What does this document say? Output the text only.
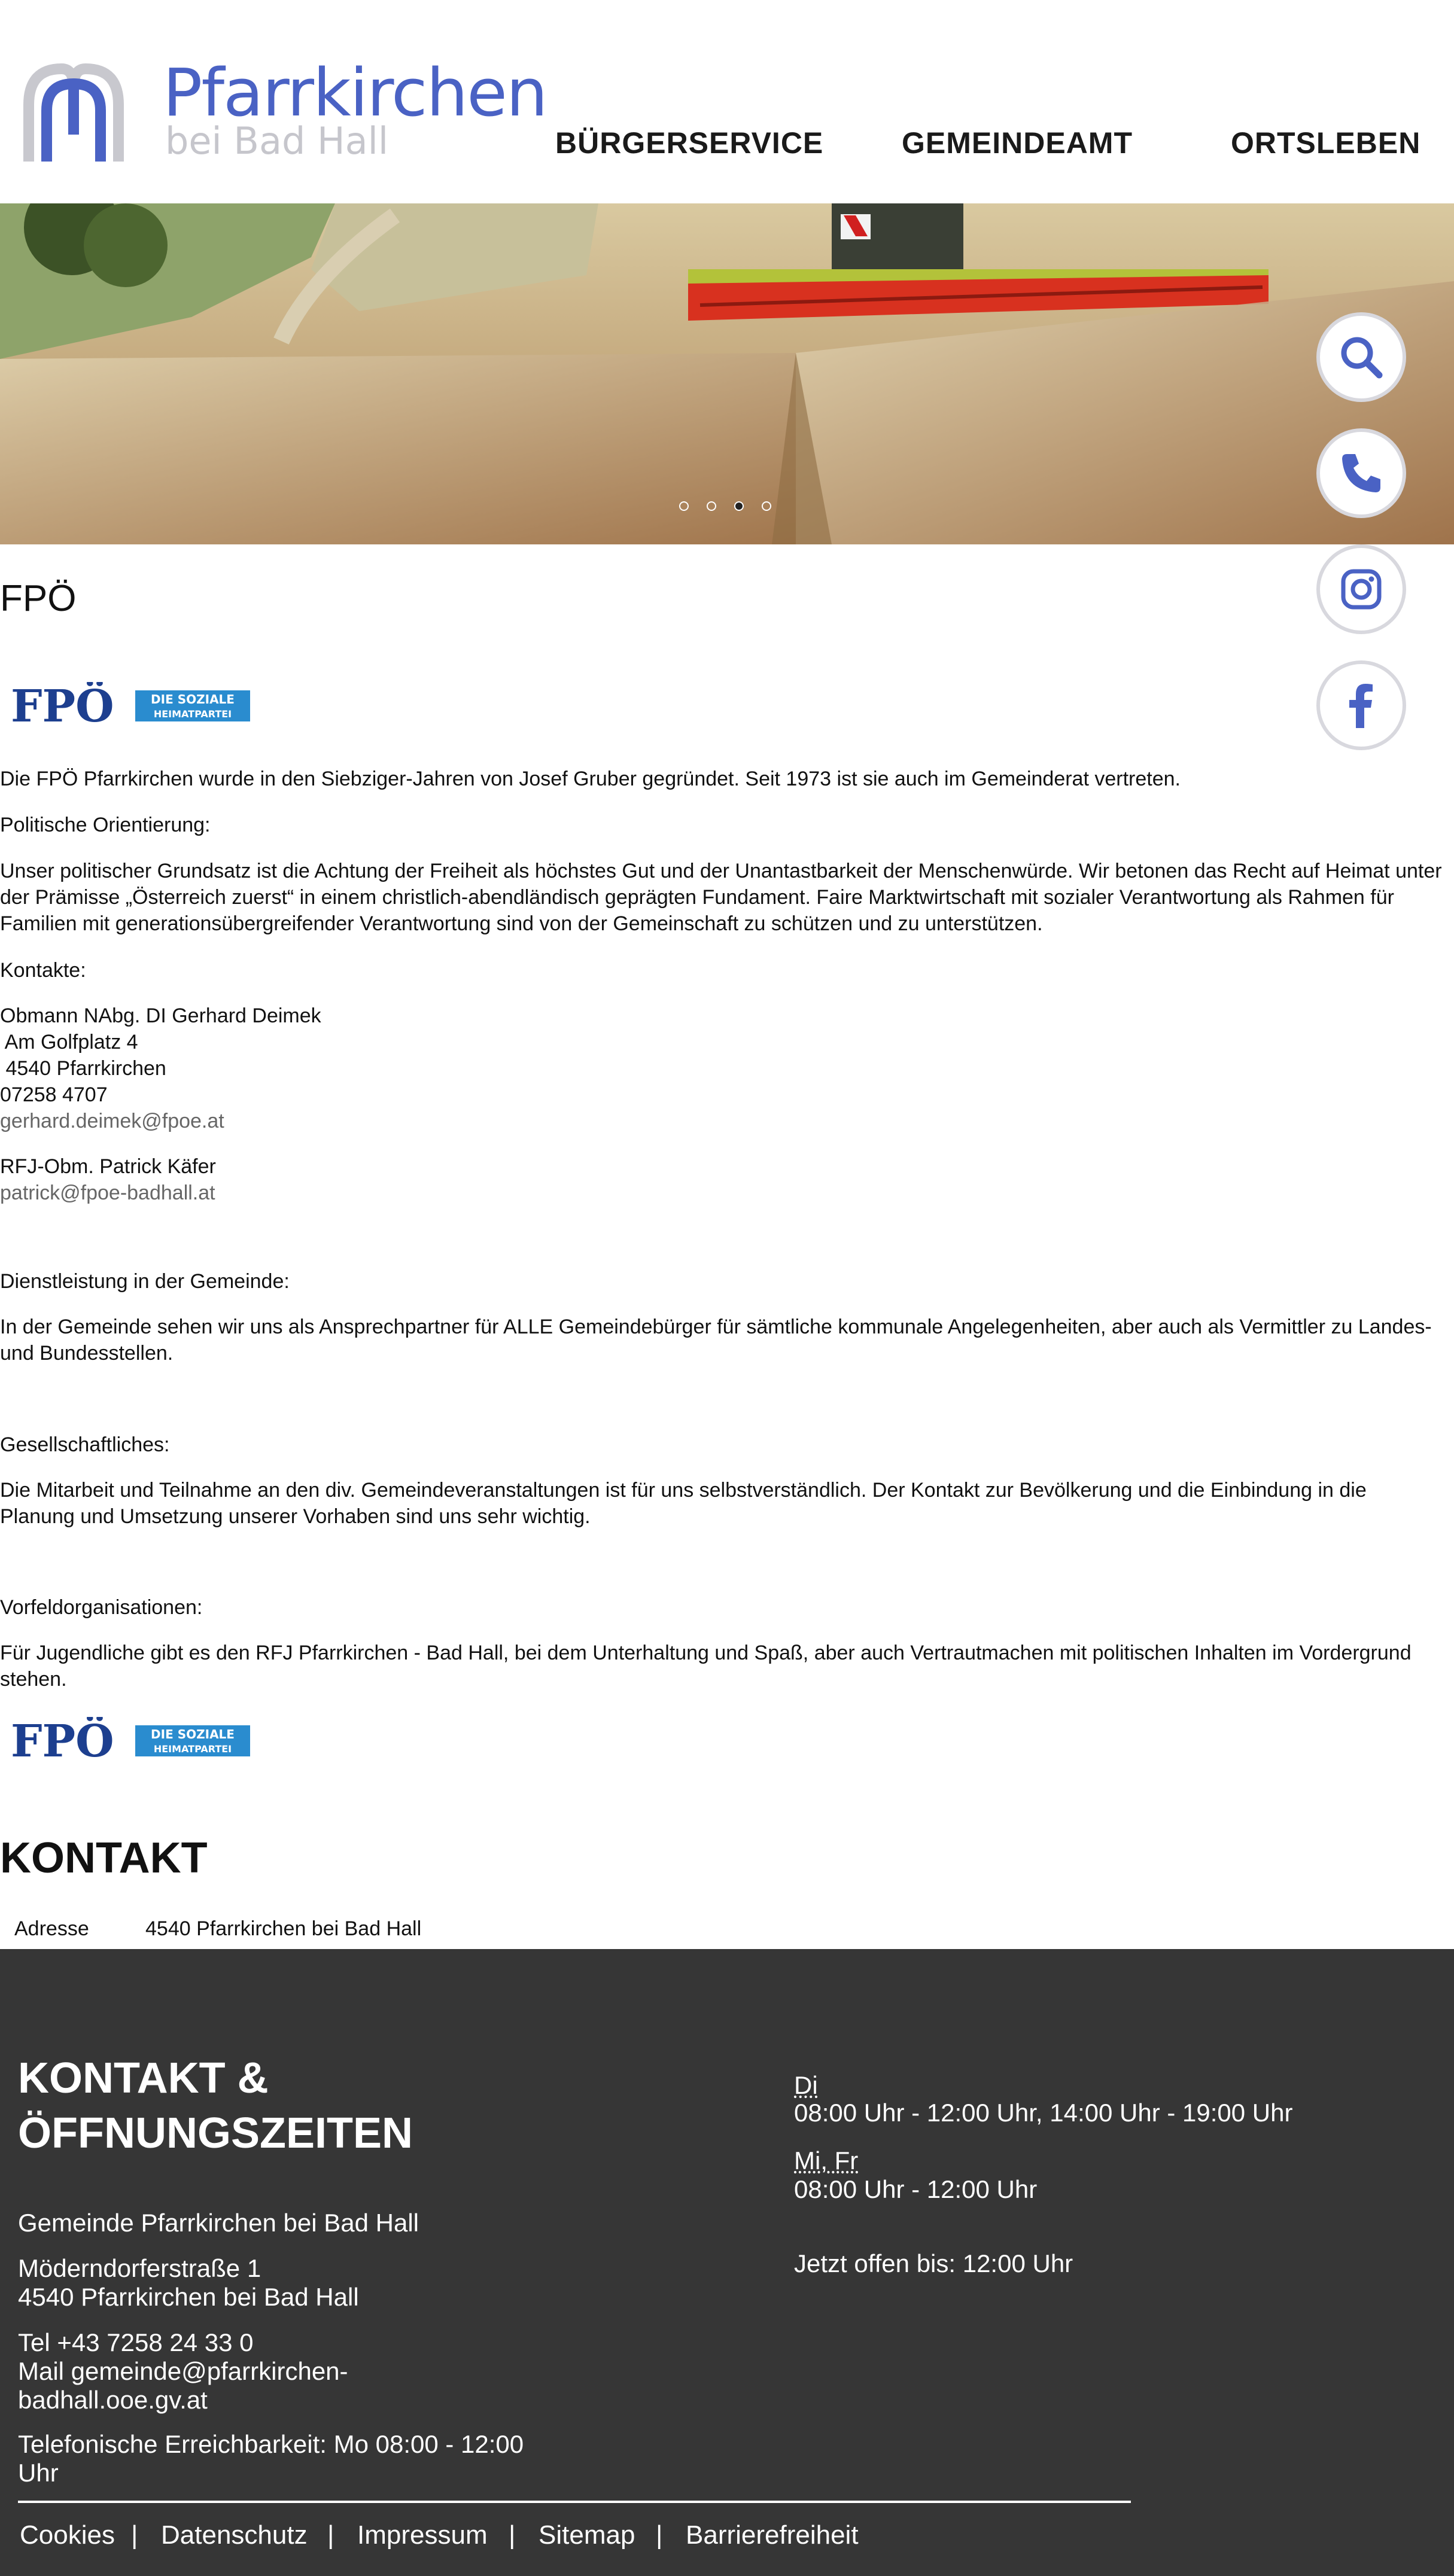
Pfarrkirchen
bei Bad Hall	BÜRGERSERVICE	GEMEINDEAMT	ORTSLEBEN
FPÖ
FPÖ	DIE SOZIALE
HEIMATPARTEI
Die FPÖ Pfarrkirchen wurde in den Siebziger-Jahren von Josef Gruber gegründet. Seit 1973 ist sie auch im Gemeinderat vertreten.
Politische Orientierung:
Unser politischer Grundsatz ist die Achtung der Freiheit als höchstes Gut und der Unantastbarkeit der Menschenwürde. Wir betonen das Recht auf Heimat unter der Prämisse „Österreich zuerst“ in einem christlich-abendländisch geprägten Fundament. Faire Marktwirtschaft mit sozialer Verantwortung als Rahmen für Familien mit generationsübergreifender Verantwortung sind von der Gemeinschaft zu schützen und zu unterstützen.
Kontakte:
Obmann NAbg. DI Gerhard Deimek
Am Golfplatz 4
4540 Pfarrkirchen
07258 4707
gerhard.deimek@fpoe.at
RFJ-Obm. Patrick Käfer
patrick@fpoe-badhall.at
Dienstleistung in der Gemeinde:
In der Gemeinde sehen wir uns als Ansprechpartner für ALLE Gemeindebürger für sämtliche kommunale Angelegenheiten, aber auch als Vermittler zu Landes- und Bundesstellen.
Gesellschaftliches:
Die Mitarbeit und Teilnahme an den div. Gemeindeveranstaltungen ist für uns selbstverständlich. Der Kontakt zur Bevölkerung und die Einbindung in die Planung und Umsetzung unserer Vorhaben sind uns sehr wichtig.
Vorfeldorganisationen:
Für Jugendliche gibt es den RFJ Pfarrkirchen - Bad Hall, bei dem Unterhaltung und Spaß, aber auch Vertrautmachen mit politischen Inhalten im Vordergrund stehen.
FPÖ	DIE SOZIALE
HEIMATPARTEI
KONTAKT
Adresse	4540 Pfarrkirchen bei Bad Hall
KONTAKT &
ÖFFNUNGSZEITEN
Gemeinde Pfarrkirchen bei Bad Hall
Möderndorferstraße 1
4540 Pfarrkirchen bei Bad Hall
Tel +43 7258 24 33 0
Mail gemeinde@pfarrkirchen-
badhall.ooe.gv.at
Telefonische Erreichbarkeit: Mo 08:00 - 12:00
Uhr
Di
08:00 Uhr - 12:00 Uhr, 14:00 Uhr - 19:00 Uhr
Mi, Fr
08:00 Uhr - 12:00 Uhr
Jetzt offen bis: 12:00 Uhr
Cookies | Datenschutz | Impressum | Sitemap | Barrierefreiheit
